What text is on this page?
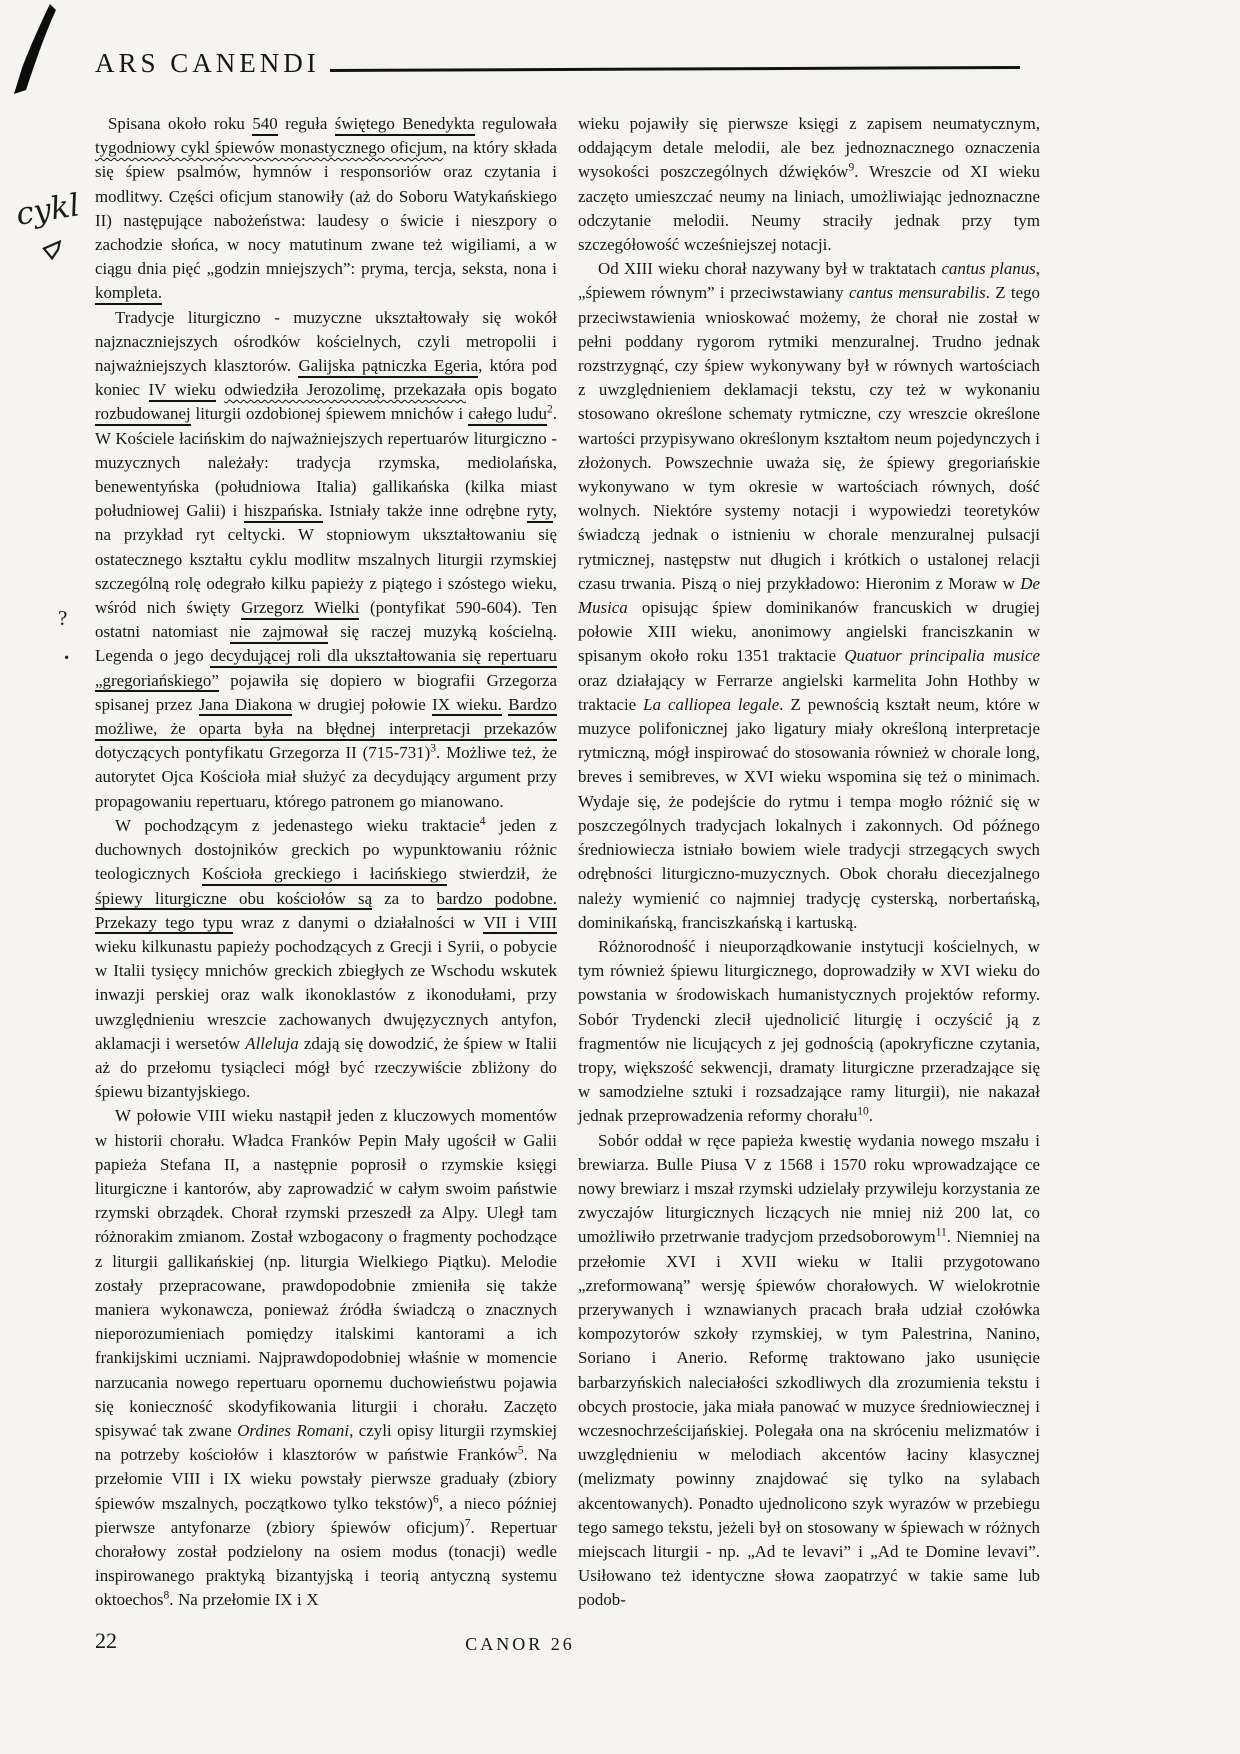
ARS CANENDI
cykl
?
.

Spisana około roku 540 reguła świętego Benedykta regulowała tygodniowy cykl śpiewów monastycznego oficjum, na który składa się śpiew psalmów, hymnów i responsoriów oraz czytania i modlitwy. Części oficjum stanowiły (aż do Soboru Watykańskiego II) następujące nabożeństwa: laudesy o świcie i nieszpory o zachodzie słońca, w nocy matutinum zwane też wigiliami, a w ciągu dnia pięć „godzin mniejszych”: pryma, tercja, seksta, nona i kompleta.

Tradycje liturgiczno - muzyczne ukształtowały się wokół najznaczniejszych ośrodków kościelnych, czyli metropolii i najważniejszych klasztorów. Galijska pątniczka Egeria, która pod koniec IV wieku odwiedziła Jerozolimę, przekazała opis bogato rozbudowanej liturgii ozdobionej śpiewem mnichów i całego ludu$^2$. W Kościele łacińskim do najważniejszych repertuarów liturgiczno - muzycznych należały: tradycja rzymska, mediolańska, benewentyńska (południowa Italia) gallikańska (kilka miast południowej Galii) i hiszpańska. Istniały także inne odrębne ryty, na przykład ryt celtycki. W stopniowym ukształtowaniu się ostatecznego kształtu cyklu modlitw mszalnych liturgii rzymskiej szczególną rolę odegrało kilku papieży z piątego i szóstego wieku, wśród nich święty Grzegorz Wielki (pontyfikat 590-604). Ten ostatni natomiast nie zajmował się raczej muzyką kościelną. Legenda o jego decydującej roli dla ukształtowania się repertuaru „gregoriańskiego” pojawiła się dopiero w biografii Grzegorza spisanej przez Jana Diakona w drugiej połowie IX wieku. Bardzo możliwe, że oparta była na błędnej interpretacji przekazów dotyczących pontyfikatu Grzegorza II $(715-731)^3$. Możliwe też, że autorytet Ojca Kościoła miał służyć za decydujący argument przy propagowaniu repertuaru, którego patronem go mianowano.

W pochodzącym z jedenastego wieku traktacie$^4$ jeden z duchownych dostojników greckich po wypunktowaniu różnic teologicznych Kościoła greckiego i łacińskiego stwierdził, że śpiewy liturgiczne obu kościołów są za to bardzo podobne. Przekazy tego typu wraz z danymi o działalności w VII i VIII wieku kilkunastu papieży pochodzących z Grecji i Syrii, o pobycie w Italii tysięcy mnichów greckich zbiegłych ze Wschodu wskutek inwazji perskiej oraz walk ikonoklastów z ikonodułami, przy uwzględnieniu wreszcie zachowanych dwujęzycznych antyfon, aklamacji i wersetów Alleluja zdają się dowodzić, że śpiew w Italii aż do przełomu tysiącleci mógł być rzeczywiście zbliżony do śpiewu bizantyjskiego.

W połowie VIII wieku nastąpił jeden z kluczowych momentów w historii chorału. Władca Franków Pepin Mały ugościł w Galii papieża Stefana II, a następnie poprosił o rzymskie księgi liturgiczne i kantorów, aby zaprowadzić w całym swoim państwie rzymski obrządek. Chorał rzymski przeszedł za Alpy. Uległ tam różnorakim zmianom. Został wzbogacony o fragmenty pochodzące z liturgii gallikańskiej (np. liturgia Wielkiego Piątku). Melodie zostały przepracowane, prawdopodobnie zmieniła się także maniera wykonawcza, ponieważ źródła świadczą o znacznych nieporozumieniach pomiędzy italskimi kantorami a ich frankijskimi uczniami. Najprawdopodobniej właśnie w momencie narzucania nowego repertuaru opornemu duchowieństwu pojawia się konieczność skodyfikowania liturgii i chorału. Zaczęto spisywać tak zwane Ordines Romani, czyli opisy liturgii rzymskiej na potrzeby kościołów i klasztorów w państwie Franków$^5$. Na przełomie VIII i IX wieku powstały pierwsze graduały (zbiory śpiewów mszalnych, początkowo tylko tekstów)$^6$, a nieco później pierwsze antyfonarze (zbiory śpiewów oficjum)$^7$. Repertuar chorałowy został podzielony na osiem modus (tonacji) wedle inspirowanego praktyką bizantyjską i teorią antyczną systemu oktoechos$^8$. Na przełomie IX i X

wieku pojawiły się pierwsze księgi z zapisem neumatycznym, oddającym detale melodii, ale bez jednoznacznego oznaczenia wysokości poszczególnych dźwięków$^9$. Wreszcie od XI wieku zaczęto umieszczać neumy na liniach, umożliwiając jednoznaczne odczytanie melodii. Neumy straciły jednak przy tym szczegółowość wcześniejszej notacji.

Od XIII wieku chorał nazywany był w traktatach cantus planus, „śpiewem równym” i przeciwstawiany cantus mensurabilis. Z tego przeciwstawienia wnioskować możemy, że chorał nie został w pełni poddany rygorom rytmiki menzuralnej. Trudno jednak rozstrzygnąć, czy śpiew wykonywany był w równych wartościach z uwzględnieniem deklamacji tekstu, czy też w wykonaniu stosowano określone schematy rytmiczne, czy wreszcie określone wartości przypisywano określonym kształtom neum pojedynczych i złożonych. Powszechnie uważa się, że śpiewy gregoriańskie wykonywano w tym okresie w wartościach równych, dość wolnych. Niektóre systemy notacji i wypowiedzi teoretyków świadczą jednak o istnieniu w chorale menzuralnej pulsacji rytmicznej, następstw nut długich i krótkich o ustalonej relacji czasu trwania. Piszą o niej przykładowo: Hieronim z Moraw w De Musica opisując śpiew dominikanów francuskich w drugiej połowie XIII wieku, anonimowy angielski franciszkanin w spisanym około roku 1351 traktacie Quatuor principalia musice oraz działający w Ferrarze angielski karmelita John Hothby w traktacie La calliopea legale. Z pewnością kształt neum, które w muzyce polifonicznej jako ligatury miały określoną interpretacje rytmiczną, mógł inspirować do stosowania również w chorale long, breves i semibreves, w XVI wieku wspomina się też o minimach. Wydaje się, że podejście do rytmu i tempa mogło różnić się w poszczególnych tradycjach lokalnych i zakonnych. Od późnego średniowiecza istniało bowiem wiele tradycji strzegących swych odrębności liturgiczno-muzycznych. Obok chorału diecezjalnego należy wymienić co najmniej tradycję cysterską, norbertańską, dominikańską, franciszkańską i kartuską.

Różnorodność i nieuporządkowanie instytucji kościelnych, w tym również śpiewu liturgicznego, doprowadziły w XVI wieku do powstania w środowiskach humanistycznych projektów reformy. Sobór Trydencki zlecił ujednolicić liturgię i oczyścić ją z fragmentów nie licujących z jej godnością (apokryficzne czytania, tropy, większość sekwencji, dramaty liturgiczne przeradzające się w samodzielne sztuki i rozsadzające ramy liturgii), nie nakazał jednak przeprowadzenia reformy chorału$^{10}$.

Sobór oddał w ręce papieża kwestię wydania nowego mszału i brewiarza. Bulle Piusa V z 1568 i 1570 roku wprowadzające ce nowy brewiarz i mszał rzymski udzielały przywileju korzystania ze zwyczajów liturgicznych liczących nie mniej niż 200 lat, co umożliwiło przetrwanie tradycjom przedsoborowym$^{11}$. Niemniej na przełomie XVI i XVII wieku w Italii przygotowano „zreformowaną” wersję śpiewów chorałowych. W wielokrotnie przerywanych i wznawianych pracach brała udział czołówka kompozytorów szkoły rzymskiej, w tym Palestrina, Nanino, Soriano i Anerio. Reformę traktowano jako usunięcie barbarzyńskich naleciałości szkodliwych dla zrozumienia tekstu i obcych prostocie, jaka miała panować w muzyce średniowiecznej i wczesnochrześcijańskiej. Polegała ona na skróceniu melizmatów i uwzględnieniu w melodiach akcentów łaciny klasycznej (melizmaty powinny znajdować się tylko na sylabach akcentowanych). Ponadto ujednolicono szyk wyrazów w przebiegu tego samego tekstu, jeżeli był on stosowany w śpiewach w różnych miejscach liturgii - np. „Ad te levavi” i „Ad te Domine levavi”. Usiłowano też identyczne słowa zaopatrzyć w takie same lub podob-

22	CANOR 26
